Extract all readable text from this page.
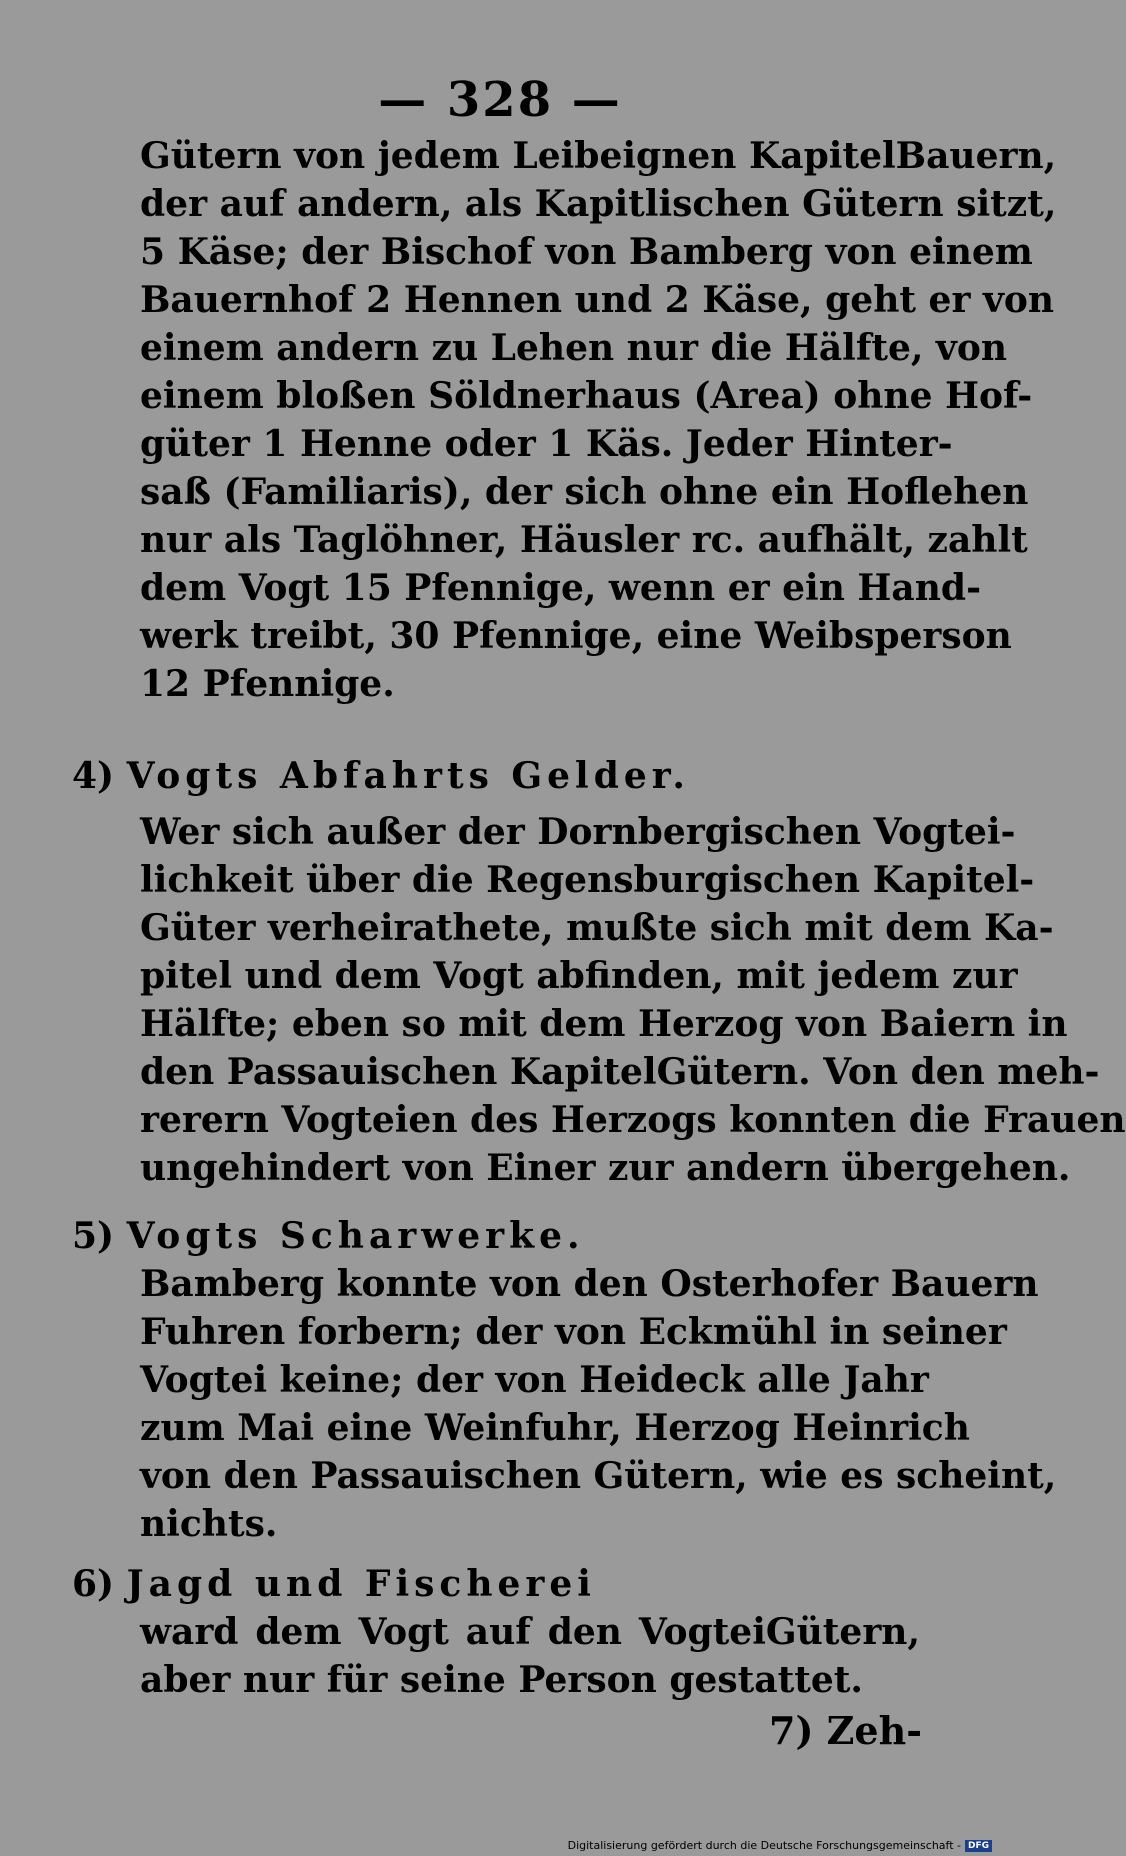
— 328 —
Gütern von jedem Leibeignen KapitelBauern,
der auf andern, als Kapitlischen Gütern sitzt,
5 Käse; der Bischof von Bamberg von einem
Bauernhof 2 Hennen und 2 Käse, geht er von
einem andern zu Lehen nur die Hälfte, von
einem bloßen Söldnerhaus (Area) ohne Hof-
güter 1 Henne oder 1 Käs. Jeder Hinter-
saß (Familiaris), der sich ohne ein Hoflehen
nur als Taglöhner, Häusler rc. aufhält, zahlt
dem Vogt 15 Pfennige, wenn er ein Hand-
werk treibt, 30 Pfennige, eine Weibsperson
12 Pfennige.
4) Vogts Abfahrts Gelder.
Wer sich außer der Dornbergischen Vogtei-
lichkeit über die Regensburgischen Kapitel-
Güter verheirathete, mußte sich mit dem Ka-
pitel und dem Vogt abfinden, mit jedem zur
Hälfte; eben so mit dem Herzog von Baiern in
den Passauischen KapitelGütern. Von den meh-
rerern Vogteien des Herzogs konnten die Frauen
ungehindert von Einer zur andern übergehen.
5) Vogts Scharwerke.
Bamberg konnte von den Osterhofer Bauern
Fuhren forbern; der von Eckmühl in seiner
Vogtei keine; der von Heideck alle Jahr
zum Mai eine Weinfuhr, Herzog Heinrich
von den Passauischen Gütern, wie es scheint,
nichts.
6) Jagd und Fischerei
ward dem Vogt auf den VogteiGütern,
aber nur für seine Person gestattet.
7) Zeh-
Digitalisierung gefördert durch die Deutsche Forschungsgemeinschaft - DFG
